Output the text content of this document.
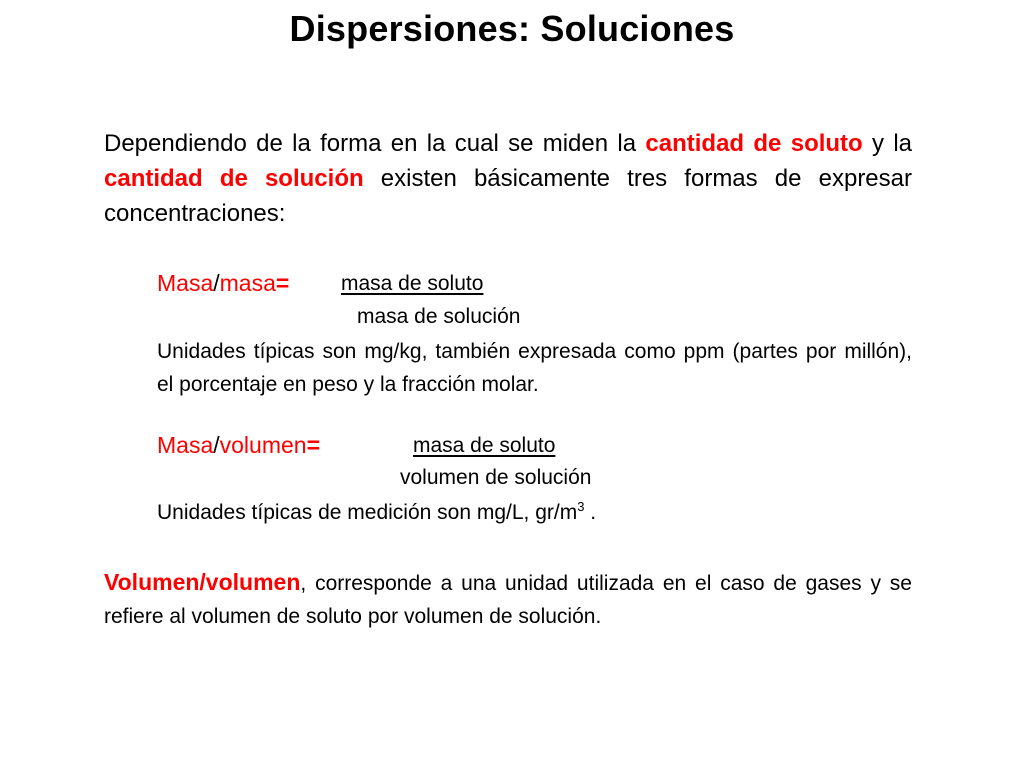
Dispersiones: Soluciones
Dependiendo de la forma en la cual se miden la cantidad de soluto y la cantidad de solución existen básicamente tres formas de expresar concentraciones:
Masa/masa= masa de soluto
masa de solución
Unidades típicas son mg/kg, también expresada como ppm (partes por millón), el porcentaje en peso y la fracción molar.
Masa/volumen=	masa de soluto
volumen de solución
Unidades típicas de medición son mg/L, $gr/m^3$ .
Volumen/volumen, corresponde a una unidad utilizada en el caso de gases y se refiere al volumen de soluto por volumen de solución.
